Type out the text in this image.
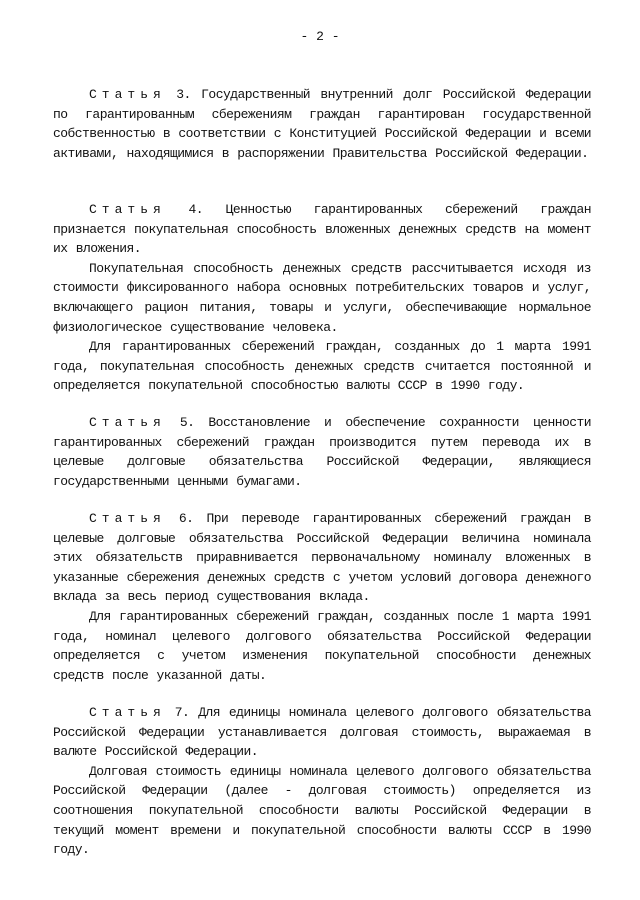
- 2 -

Статья 3. Государственный внутренний долг Российской Федерации по гарантированным сбережениям граждан гарантирован государственной собственностью в соответствии с Конституцией Российской Федерации и всеми активами, находящимися в распоряжении Правительства Российской Федерации.

Статья 4. Ценностью гарантированных сбережений граждан признается покупательная способность вложенных денежных средств на момент их вложения.

Покупательная способность денежных средств рассчитывается исходя из стоимости фиксированного набора основных потребительских товаров и услуг, включающего рацион питания, товары и услуги, обеспечивающие нормальное физиологическое существование человека.

Для гарантированных сбережений граждан, созданных до 1 марта 1991 года, покупательная способность денежных средств считается постоянной и определяется покупательной способностью валюты СССР в 1990 году.

Статья 5. Восстановление и обеспечение сохранности ценности гарантированных сбережений граждан производится путем перевода их в целевые долговые обязательства Российской Федерации, являющиеся государственными ценными бумагами.

Статья 6. При переводе гарантированных сбережений граждан в целевые долговые обязательства Российской Федерации величина номинала этих обязательств приравнивается первоначальному номиналу вложенных в указанные сбережения денежных средств с учетом условий договора денежного вклада за весь период существования вклада.

Для гарантированных сбережений граждан, созданных после 1 марта 1991 года, номинал целевого долгового обязательства Российской Федерации определяется с учетом изменения покупательной способности денежных средств после указанной даты.

Статья 7. Для единицы номинала целевого долгового обязательства Российской Федерации устанавливается долговая стоимость, выражаемая в валюте Российской Федерации.

Долговая стоимость единицы номинала целевого долгового обязательства Российской Федерации (далее - долговая стоимость) определяется из соотношения покупательной способности валюты Российской Федерации в текущий момент времени и покупательной способности валюты СССР в 1990 году.
